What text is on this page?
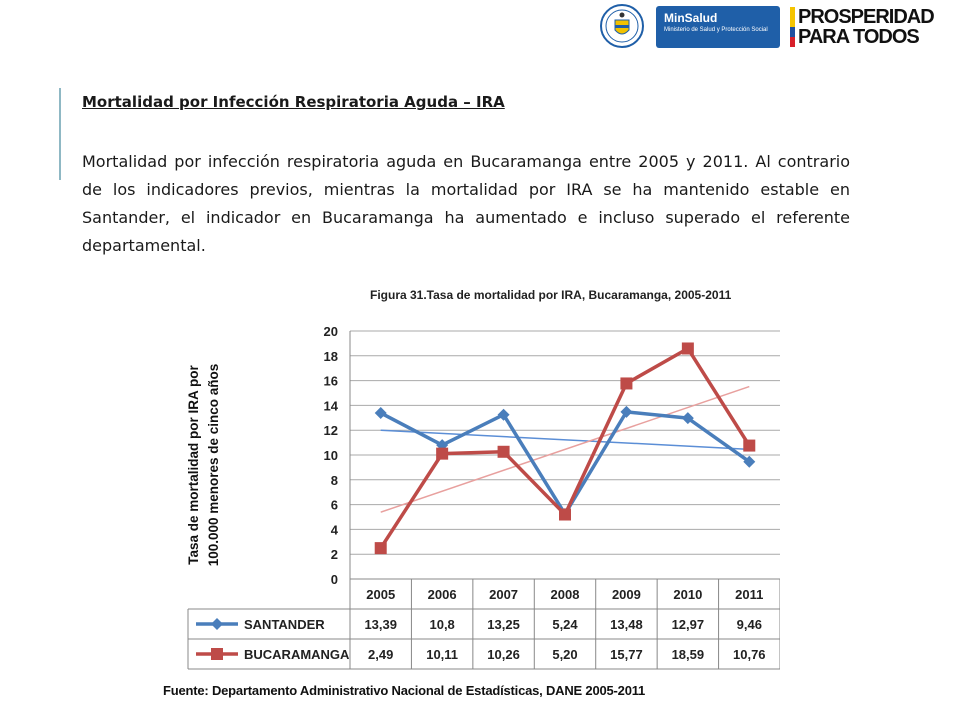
MinSalud
Ministerio de Salud y Protección Social
PROSPERIDAD
PARA TODOS
Mortalidad por Infección Respiratoria Aguda – IRA
Mortalidad por infección respiratoria aguda en Bucaramanga entre 2005 y 2011. Al contrario de los indicadores previos, mientras la mortalidad por IRA se ha mantenido estable en Santander, el indicador en Bucaramanga ha aumentado e incluso superado el referente departamental.
Figura 31.Tasa de mortalidad por IRA, Bucaramanga, 2005-2011
0
2
4
6
8
10
12
14
16
18
20
Tasa de mortalidad por IRA por 100.000 menores de cinco años
2005	2006	2007	2008	2009	2010	2011
SANTANDER	13,39 10,8 13,25 5,24 13,48 12,97 9,46
BUCARAMANGA 2,49	10,11 10,26 5,20 15,77 18,59 10,76
Fuente: Departamento Administrativo Nacional de Estadísticas, DANE 2005-2011
